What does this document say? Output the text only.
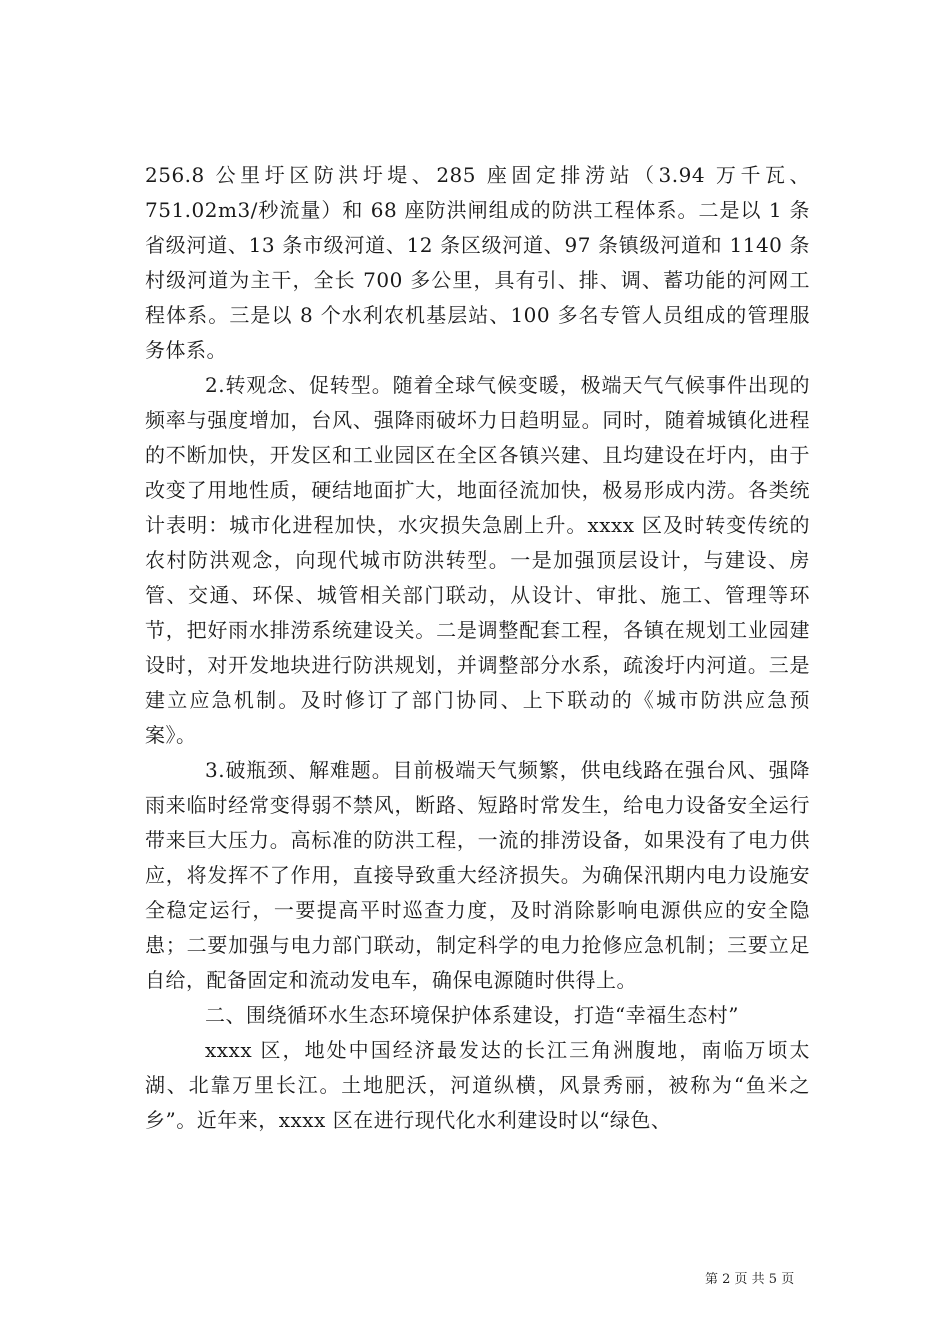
256.8 公里圩区防洪圩堤、285 座固定排涝站（3.94 万千瓦、751.02m3/秒流量）和 68 座防洪闸组成的防洪工程体系。二是以 1 条省级河道、13 条市级河道、12 条区级河道、97 条镇级河道和 1140 条村级河道为主干，全长 700 多公里，具有引、排、调、蓄功能的河网工程体系。三是以 8 个水利农机基层站、100 多名专管人员组成的管理服务体系。

2.转观念、促转型。随着全球气候变暖，极端天气气候事件出现的频率与强度增加，台风、强降雨破坏力日趋明显。同时，随着城镇化进程的不断加快，开发区和工业园区在全区各镇兴建、且均建设在圩内，由于改变了用地性质，硬结地面扩大，地面径流加快，极易形成内涝。各类统计表明：城市化进程加快，水灾损失急剧上升。xxxx 区及时转变传统的农村防洪观念，向现代城市防洪转型。一是加强顶层设计，与建设、房管、交通、环保、城管相关部门联动，从设计、审批、施工、管理等环节，把好雨水排涝系统建设关。二是调整配套工程，各镇在规划工业园建设时，对开发地块进行防洪规划，并调整部分水系，疏浚圩内河道。三是建立应急机制。及时修订了部门协同、上下联动的《城市防洪应急预案》。

3.破瓶颈、解难题。目前极端天气频繁，供电线路在强台风、强降雨来临时经常变得弱不禁风，断路、短路时常发生，给电力设备安全运行带来巨大压力。高标准的防洪工程，一流的排涝设备，如果没有了电力供应，将发挥不了作用，直接导致重大经济损失。为确保汛期内电力设施安全稳定运行，一要提高平时巡查力度，及时消除影响电源供应的安全隐患；二要加强与电力部门联动，制定科学的电力抢修应急机制；三要立足自给，配备固定和流动发电车，确保电源随时供得上。

二、围绕循环水生态环境保护体系建设，打造“幸福生态村”

xxxx 区，地处中国经济最发达的长江三角洲腹地，南临万顷太湖、北靠万里长江。土地肥沃，河道纵横，风景秀丽，被称为“鱼米之乡”。近年来，xxxx 区在进行现代化水利建设时以“绿色、

第 2 页 共 5 页
